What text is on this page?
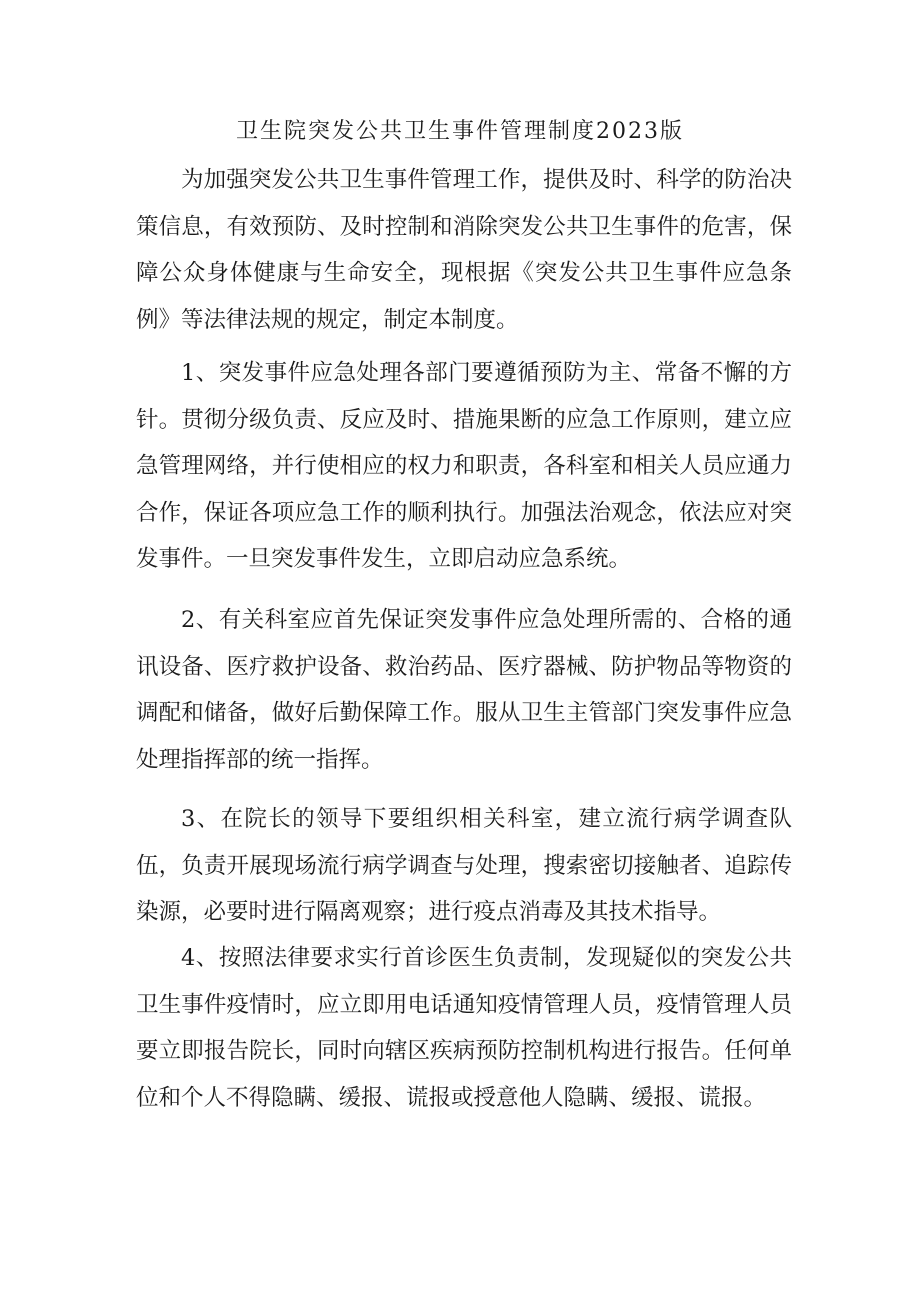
卫生院突发公共卫生事件管理制度2023版

为加强突发公共卫生事件管理工作，提供及时、科学的防治决策信息，有效预防、及时控制和消除突发公共卫生事件的危害，保障公众身体健康与生命安全，现根据《突发公共卫生事件应急条例》等法律法规的规定，制定本制度。

1、突发事件应急处理各部门要遵循预防为主、常备不懈的方针。贯彻分级负责、反应及时、措施果断的应急工作原则，建立应急管理网络，并行使相应的权力和职责，各科室和相关人员应通力合作，保证各项应急工作的顺利执行。加强法治观念，依法应对突发事件。一旦突发事件发生，立即启动应急系统。

2、有关科室应首先保证突发事件应急处理所需的、合格的通讯设备、医疗救护设备、救治药品、医疗器械、防护物品等物资的调配和储备，做好后勤保障工作。服从卫生主管部门突发事件应急处理指挥部的统一指挥。

3、在院长的领导下要组织相关科室，建立流行病学调查队伍，负责开展现场流行病学调查与处理，搜索密切接触者、追踪传染源，必要时进行隔离观察；进行疫点消毒及其技术指导。

4、按照法律要求实行首诊医生负责制，发现疑似的突发公共卫生事件疫情时，应立即用电话通知疫情管理人员，疫情管理人员要立即报告院长，同时向辖区疾病预防控制机构进行报告。任何单位和个人不得隐瞒、缓报、谎报或授意他人隐瞒、缓报、谎报。
